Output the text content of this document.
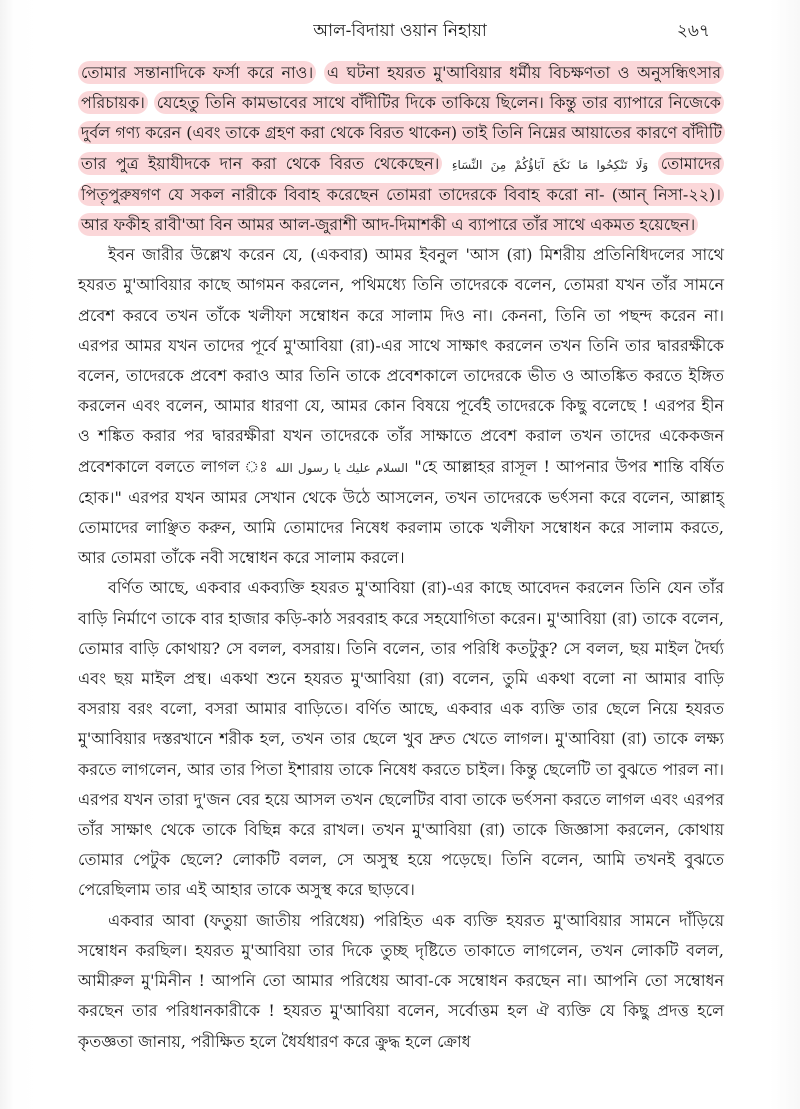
আল-বিদায়া ওয়ান নিহায়া	২৬৭

তোমার সন্তানাদিকে ফর্সা করে নাও। এ ঘটনা হযরত মু'আবিয়ার ধর্মীয় বিচক্ষণতা ও অনুসন্ধিৎসার পরিচায়ক। যেহেতু তিনি কামভাবের সাথে বাঁদীটির দিকে তাকিয়ে ছিলেন। কিন্তু তার ব্যাপারে নিজেকে দুর্বল গণ্য করেন (এবং তাকে গ্রহণ করা থেকে বিরত থাকেন) তাই তিনি নিম্নের আয়াতের কারণে বাঁদীটি তার পুত্র ইয়াযীদকে দান করা থেকে বিরত থেকেছেন। وَلَا تَنْكِحُوا مَا نَكَحَ آبَاؤُكُمْ مِنَ النِّسَاءِ তোমাদের পিতৃপুরুষগণ যে সকল নারীকে বিবাহ করেছেন তোমরা তাদেরকে বিবাহ করো না- (আন্ নিসা-২২)। আর ফকীহ রাবী'আ বিন আমর আল-জুরাশী আদ-দিমাশকী এ ব্যাপারে তাঁর সাথে একমত হয়েছেন।

ইবন জারীর উল্লেখ করেন যে, (একবার) আমর ইবনুল 'আস (রা) মিশরীয় প্রতিনিধিদলের সাথে হযরত মু'আবিয়ার কাছে আগমন করলেন, পথিমধ্যে তিনি তাদেরকে বলেন, তোমরা যখন তাঁর সামনে প্রবেশ করবে তখন তাঁকে খলীফা সম্বোধন করে সালাম দিও না। কেননা, তিনি তা পছন্দ করেন না। এরপর আমর যখন তাদের পূর্বে মু'আবিয়া (রা)-এর সাথে সাক্ষাৎ করলেন তখন তিনি তার দ্বাররক্ষীকে বলেন, তাদেরকে প্রবেশ করাও আর তিনি তাকে প্রবেশকালে তাদেরকে ভীত ও আতঙ্কিত করতে ইঙ্গিত করলেন এবং বলেন, আমার ধারণা যে, আমর কোন বিষয়ে পূর্বেই তাদেরকে কিছু বলেছে ! এরপর হীন ও শঙ্কিত করার পর দ্বাররক্ষীরা যখন তাদেরকে তাঁর সাক্ষাতে প্রবেশ করাল তখন তাদের একেকজন প্রবেশকালে বলতে লাগল ঃ السلام عليك يا رسول الله "হে আল্লাহর রাসূল ! আপনার উপর শান্তি বর্ষিত হোক।" এরপর যখন আমর সেখান থেকে উঠে আসলেন, তখন তাদেরকে ভর্ৎসনা করে বলেন, আল্লাহ্ তোমাদের লাঞ্ছিত করুন, আমি তোমাদের নিষেধ করলাম তাকে খলীফা সম্বোধন করে সালাম করতে, আর তোমরা তাঁকে নবী সম্বোধন করে সালাম করলে।

বর্ণিত আছে, একবার একব্যক্তি হযরত মু'আবিয়া (রা)-এর কাছে আবেদন করলেন তিনি যেন তাঁর বাড়ি নির্মাণে তাকে বার হাজার কড়ি-কাঠ সরবরাহ করে সহযোগিতা করেন। মু'আবিয়া (রা) তাকে বলেন, তোমার বাড়ি কোথায়? সে বলল, বসরায়। তিনি বলেন, তার পরিধি কতটুকু? সে বলল, ছয় মাইল দৈর্ঘ্য এবং ছয় মাইল প্রস্থ। একথা শুনে হযরত মু'আবিয়া (রা) বলেন, তুমি একথা বলো না আমার বাড়ি বসরায় বরং বলো, বসরা আমার বাড়িতে। বর্ণিত আছে, একবার এক ব্যক্তি তার ছেলে নিয়ে হযরত মু'আবিয়ার দস্তরখানে শরীক হল, তখন তার ছেলে খুব দ্রুত খেতে লাগল। মু'আবিয়া (রা) তাকে লক্ষ্য করতে লাগলেন, আর তার পিতা ইশারায় তাকে নিষেধ করতে চাইল। কিন্তু ছেলেটি তা বুঝতে পারল না। এরপর যখন তারা দু'জন বের হয়ে আসল তখন ছেলেটির বাবা তাকে ভর্ৎসনা করতে লাগল এবং এরপর তাঁর সাক্ষাৎ থেকে তাকে বিছিন্ন করে রাখল। তখন মু'আবিয়া (রা) তাকে জিজ্ঞাসা করলেন, কোথায় তোমার পেটুক ছেলে? লোকটি বলল, সে অসুস্থ হয়ে পড়েছে। তিনি বলেন, আমি তখনই বুঝতে পেরেছিলাম তার এই আহার তাকে অসুস্থ করে ছাড়বে।

একবার আবা (ফতুয়া জাতীয় পরিধেয়) পরিহিত এক ব্যক্তি হযরত মু'আবিয়ার সামনে দাঁড়িয়ে সম্বোধন করছিল। হযরত মু'আবিয়া তার দিকে তুচ্ছ দৃষ্টিতে তাকাতে লাগলেন, তখন লোকটি বলল, আমীরুল মু'মিনীন ! আপনি তো আমার পরিধেয় আবা-কে সম্বোধন করছেন না। আপনি তো সম্বোধন করছেন তার পরিধানকারীকে ! হযরত মু'আবিয়া বলেন, সর্বোত্তম হল ঐ ব্যক্তি যে কিছু প্রদত্ত হলে কৃতজ্ঞতা জানায়, পরীক্ষিত হলে ধৈর্যধারণ করে ক্রুদ্ধ হলে ক্রোধ
